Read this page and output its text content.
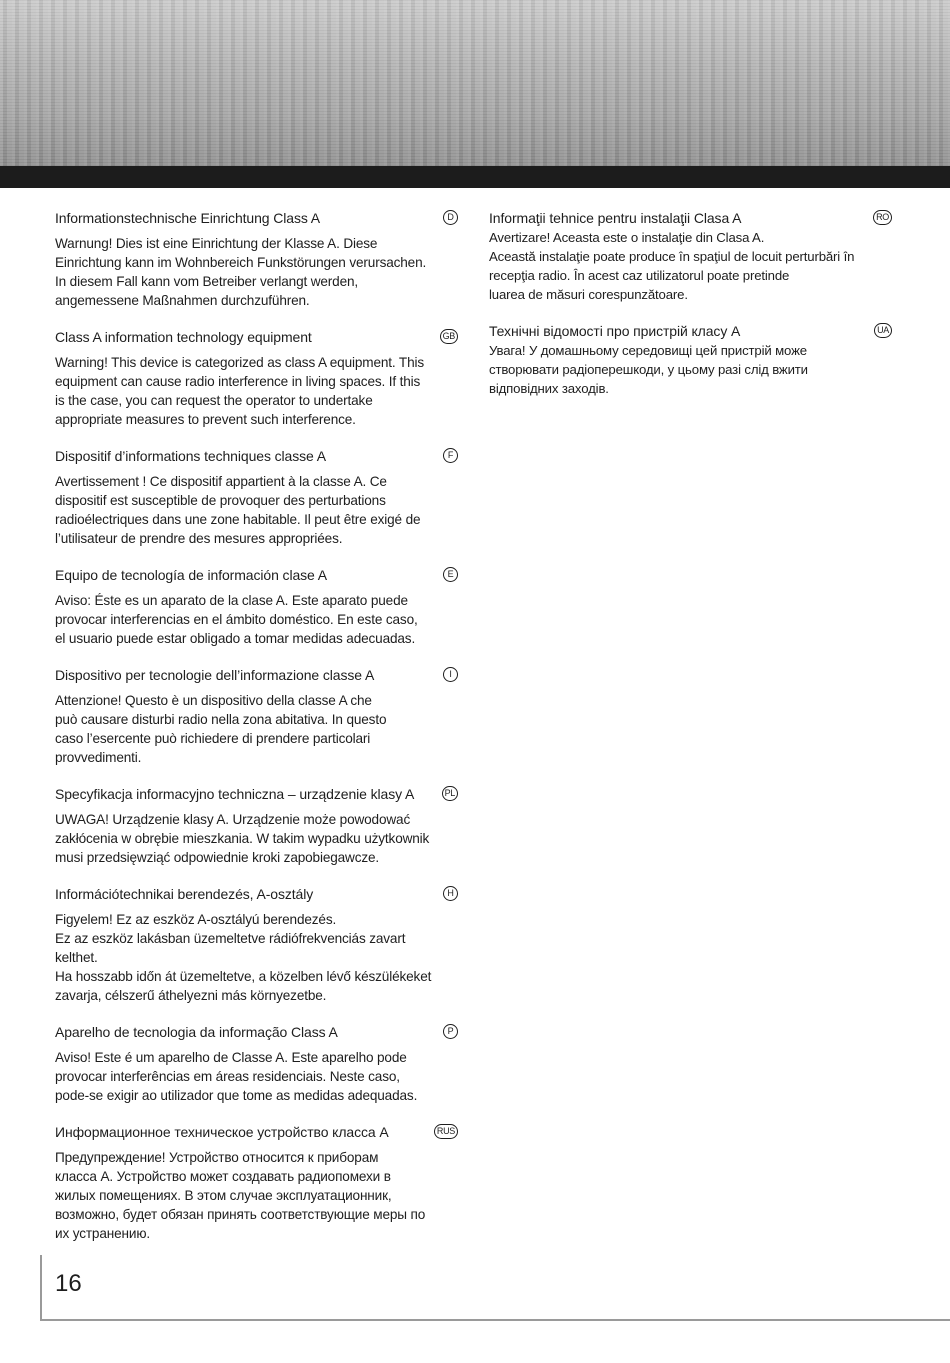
Informationstechnische Einrichtung Class A	D
Warnung! Dies ist eine Einrichtung der Klasse A. Diese
Einrichtung kann im Wohnbereich Funkstörungen verursachen.
In diesem Fall kann vom Betreiber verlangt werden,
angemessene Maßnahmen durchzuführen.
Class A information technology equipment	GB
Warning! This device is categorized as class A equipment. This
equipment can cause radio interference in living spaces. If this
is the case, you can request the operator to undertake
appropriate measures to prevent such interference.
Dispositif d’informations techniques classe A	F
Avertissement ! Ce dispositif appartient à la classe A. Ce
dispositif est susceptible de provoquer des perturbations
radioélectriques dans une zone habitable. Il peut être exigé de
l’utilisateur de prendre des mesures appropriées.
Equipo de tecnología de información clase A	E
Aviso: Éste es un aparato de la clase A. Este aparato puede
provocar interferencias en el ámbito doméstico. En este caso,
el usuario puede estar obligado a tomar medidas adecuadas.
Dispositivo per tecnologie dell’informazione classe A	I
Attenzione! Questo è un dispositivo della classe A che
può causare disturbi radio nella zona abitativa. In questo
caso l’esercente può richiedere di prendere particolari
provvedimenti.
Specyfikacja informacyjno techniczna – urządzenie klasy A	PL
UWAGA! Urządzenie klasy A. Urządzenie może powodować
zakłócenia w obrębie mieszkania. W takim wypadku użytkownik
musi przedsięwziąć odpowiednie kroki zapobiegawcze.
Információtechnikai berendezés, A-osztály	H
Figyelem! Ez az eszköz A-osztályú berendezés.
Ez az eszköz lakásban üzemeltetve rádiófrekvenciás zavart
kelthet.
Ha hosszabb időn át üzemeltetve, a közelben lévő készülékeket
zavarja, célszerű áthelyezni más környezetbe.
Aparelho de tecnologia da informação Class A	P
Aviso! Este é um aparelho de Classe A. Este aparelho pode
provocar interferências em áreas residenciais. Neste caso,
pode-se exigir ao utilizador que tome as medidas adequadas.
Информационное техническое устройство класса A	RUS
Предупреждение! Устройство относится к приборам
класса А. Устройство может создавать радиопомехи в
жилых помещениях. В этом случае эксплуатационник,
возможно, будет обязан принять соответствующие меры по
их устранению.
Informaţii tehnice pentru instalaţii Clasa A	RO
Avertizare! Aceasta este o instalaţie din Clasa A.
Această instalaţie poate produce în spaţiul de locuit perturbări în
recepţia radio. În acest caz utilizatorul poate pretinde
luarea de măsuri corespunzătoare.
Технічні відомості про пристрій класу A	UA
Увага! У домашньому середовищі цей пристрій може
створювати радіоперешкоди, у цьому разі слід вжити
відповідних заходів.
16
